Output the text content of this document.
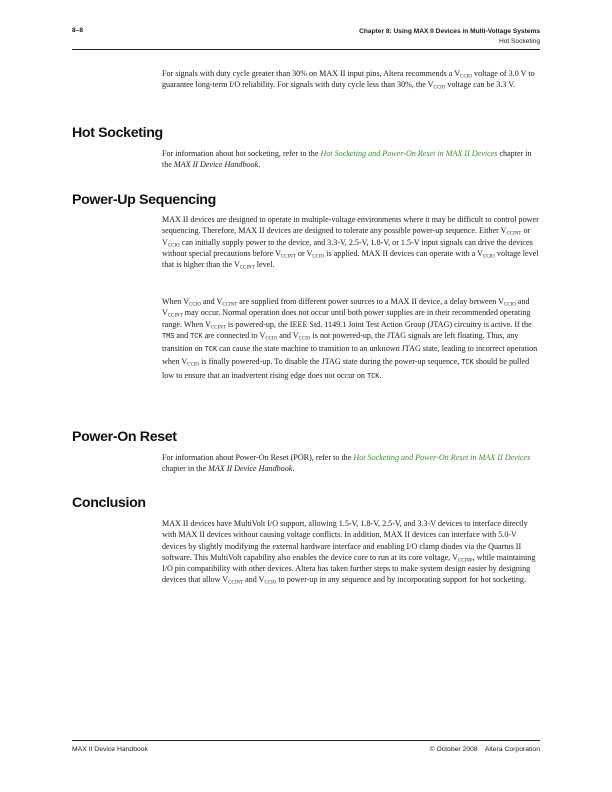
8–8	Chapter 8: Using MAX II Devices in Multi-Voltage Systems
Hot Socketing

For signals with duty cycle greater than 30% on MAX II input pins, Altera recommends a $V_{CCIO}$ voltage of 3.0 V to guarantee long-term I/O reliability. For signals with duty cycle less than 30%, the $V_{CCIO}$ voltage can be 3.3 V.

Hot Socketing

For information about hot socketing, refer to the Hot Socketing and Power-On Reset in MAX II Devices chapter in the MAX II Device Handbook.

Power-Up Sequencing

MAX II devices are designed to operate in multiple-voltage environments where it may be difficult to control power sequencing. Therefore, MAX II devices are designed to tolerate any possible power-up sequence. Either $V_{CCINT}$ or $V_{CCIO}$ can initially supply power to the device, and 3.3-V, 2.5-V, 1.8-V, or 1.5-V input signals can drive the devices without special precautions before $V_{CCINT}$ or $V_{CCIO}$ is applied. MAX II devices can operate with a $V_{CCIO}$ voltage level that is higher than the $V_{CCINT}$ level.

When $V_{CCIO}$ and $V_{CCINT}$ are supplied from different power sources to a MAX II device, a delay between $V_{CCIO}$ and $V_{CCINT}$ may occur. Normal operation does not occur until both power supplies are in their recommended operating range. When $V_{CCINT}$ is powered-up, the IEEE Std. 1149.1 Joint Test Action Group (JTAG) circuitry is active. If the TMS and TCK are connected to $V_{CCIO}$ and $V_{CCIO}$ is not powered-up, the JTAG signals are left floating. Thus, any transition on TCK can cause the state machine to transition to an unknown JTAG state, leading to incorrect operation when $V_{CCIO}$ is finally powered-up. To disable the JTAG state during the power-up sequence, TCK should be pulled low to ensure that an inadvertent rising edge does not occur on TCK.

Power-On Reset

For information about Power-On Reset (POR), refer to the Hot Socketing and Power-On Reset in MAX II Devices chapter in the MAX II Device Handbook.

Conclusion

MAX II devices have MultiVolt I/O support, allowing 1.5-V, 1.8-V, 2.5-V, and 3.3-V devices to interface directly with MAX II devices without causing voltage conflicts. In addition, MAX II devices can interface with 5.0-V devices by slightly modifying the external hardware interface and enabling I/O clamp diodes via the Quartus II software. This MultiVolt capability also enables the device core to run at its core voltage, $V_{CCINP}$, while maintaining I/O pin compatibility with other devices. Altera has taken further steps to make system design easier by designing devices that allow $V_{CCINT}$ and $V_{CCIO}$ to power-up in any sequence and by incorporating support for hot socketing.

MAX II Device Handbook	© October 2008    Altera Corporation
